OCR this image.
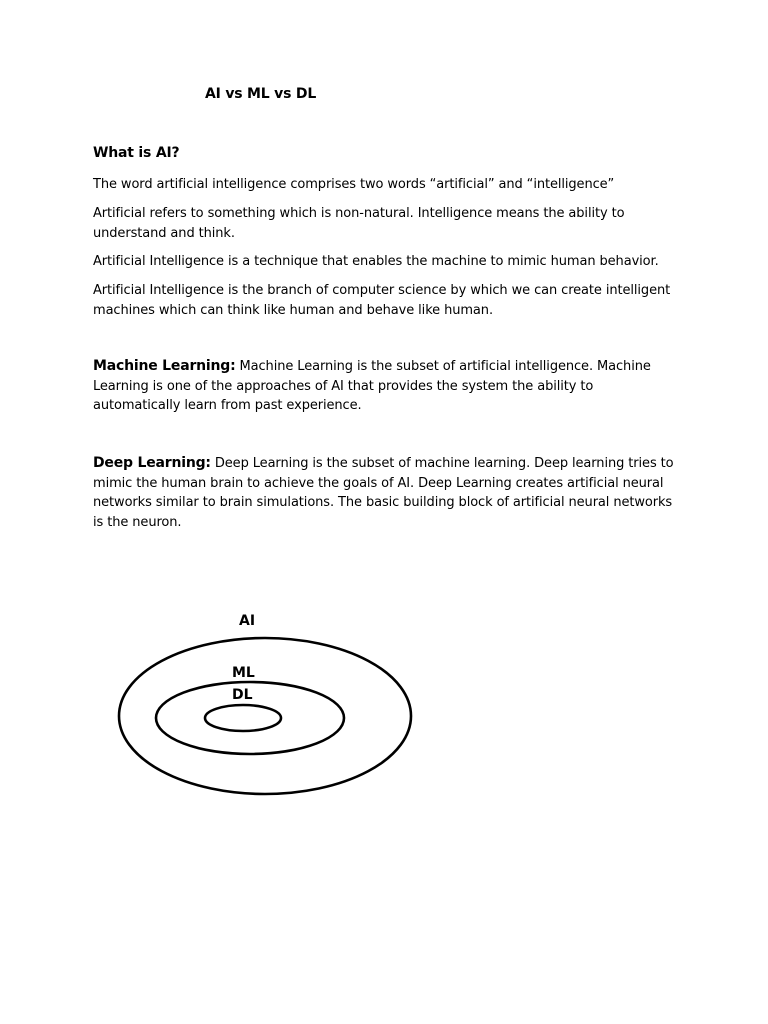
AI vs ML vs DL
What is AI?

The word artificial intelligence comprises two words “artificial” and “intelligence”

Artificial refers to something which is non-natural. Intelligence means the ability to understand and think.

Artificial Intelligence is a technique that enables the machine to mimic human behavior.

Artificial Intelligence is the branch of computer science by which we can create intelligent machines which can think like human and behave like human.

Machine Learning: Machine Learning is the subset of artificial intelligence. Machine Learning is one of the approaches of AI that provides the system the ability to automatically learn from past experience.

Deep Learning: Deep Learning is the subset of machine learning. Deep learning tries to mimic the human brain to achieve the goals of AI. Deep Learning creates artificial neural networks similar to brain simulations. The basic building block of artificial neural networks is the neuron.

AI
ML
DL
